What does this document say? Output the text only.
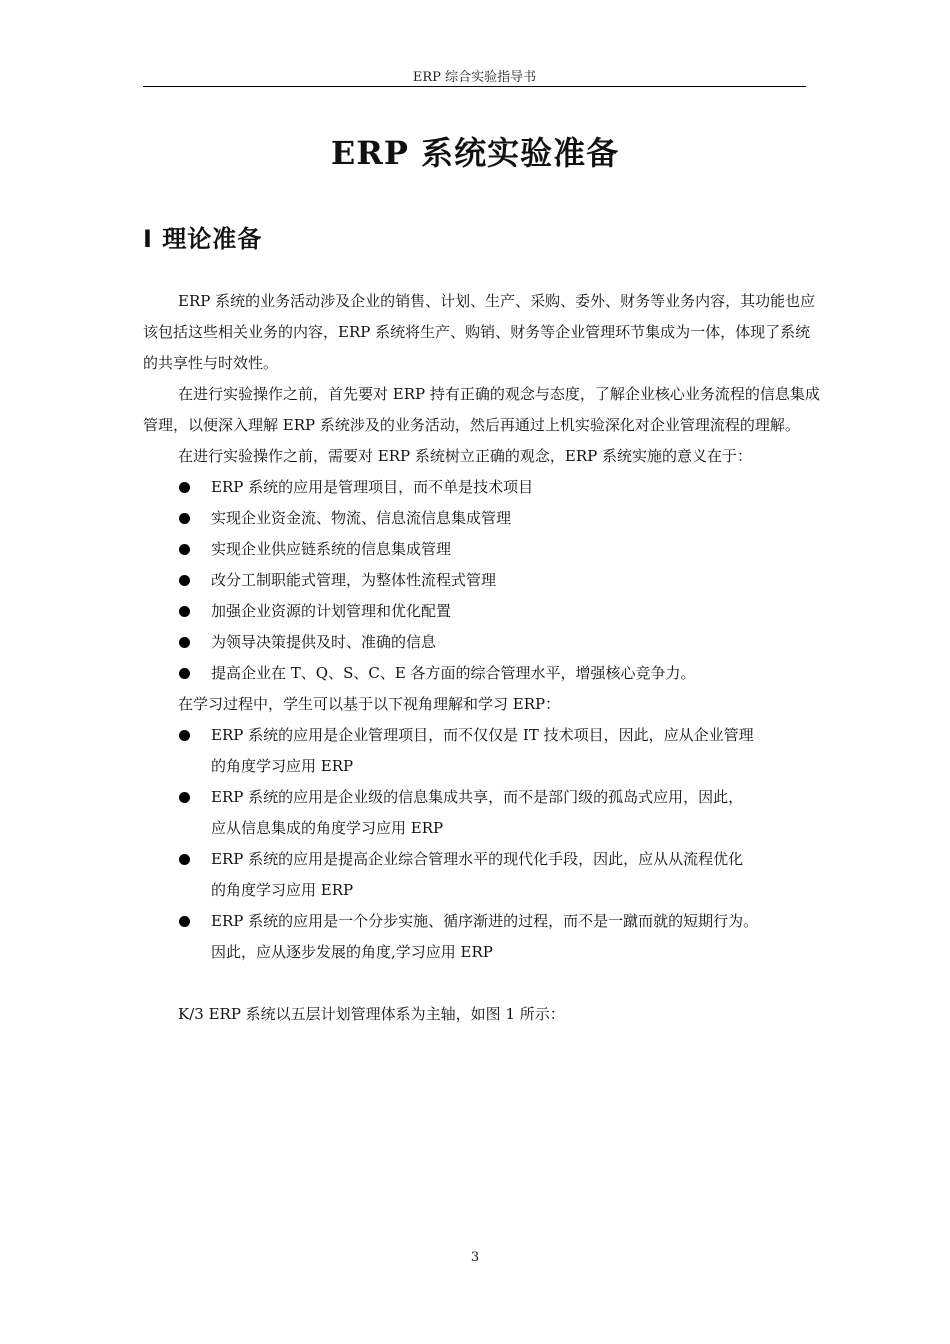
ERP 综合实验指导书
ERP 系统实验准备
I 理论准备

ERP 系统的业务活动涉及企业的销售、计划、生产、采购、委外、财务等业务内容，其功能也应该包括这些相关业务的内容，ERP 系统将生产、购销、财务等企业管理环节集成为一体，体现了系统的共享性与时效性。

在进行实验操作之前，首先要对 ERP 持有正确的观念与态度，了解企业核心业务流程的信息集成管理，以便深入理解 ERP 系统涉及的业务活动，然后再通过上机实验深化对企业管理流程的理解。

在进行实验操作之前，需要对 ERP 系统树立正确的观念，ERP 系统实施的意义在于：

ERP 系统的应用是管理项目，而不单是技术项目
实现企业资金流、物流、信息流信息集成管理
实现企业供应链系统的信息集成管理
改分工制职能式管理，为整体性流程式管理
加强企业资源的计划管理和优化配置
为领导决策提供及时、准确的信息
提高企业在 T、Q、S、C、E 各方面的综合管理水平，增强核心竞争力。

在学习过程中，学生可以基于以下视角理解和学习 ERP：

ERP 系统的应用是企业管理项目，而不仅仅是 IT 技术项目，因此，应从企业管理
的角度学习应用 ERP
ERP 系统的应用是企业级的信息集成共享，而不是部门级的孤岛式应用，因此，
应从信息集成的角度学习应用 ERP
ERP 系统的应用是提高企业综合管理水平的现代化手段，因此，应从从流程优化
的角度学习应用 ERP
ERP 系统的应用是一个分步实施、循序渐进的过程，而不是一蹴而就的短期行为。
因此，应从逐步发展的角度,学习应用 ERP

K/3 ERP 系统以五层计划管理体系为主轴，如图 1 所示：

3
